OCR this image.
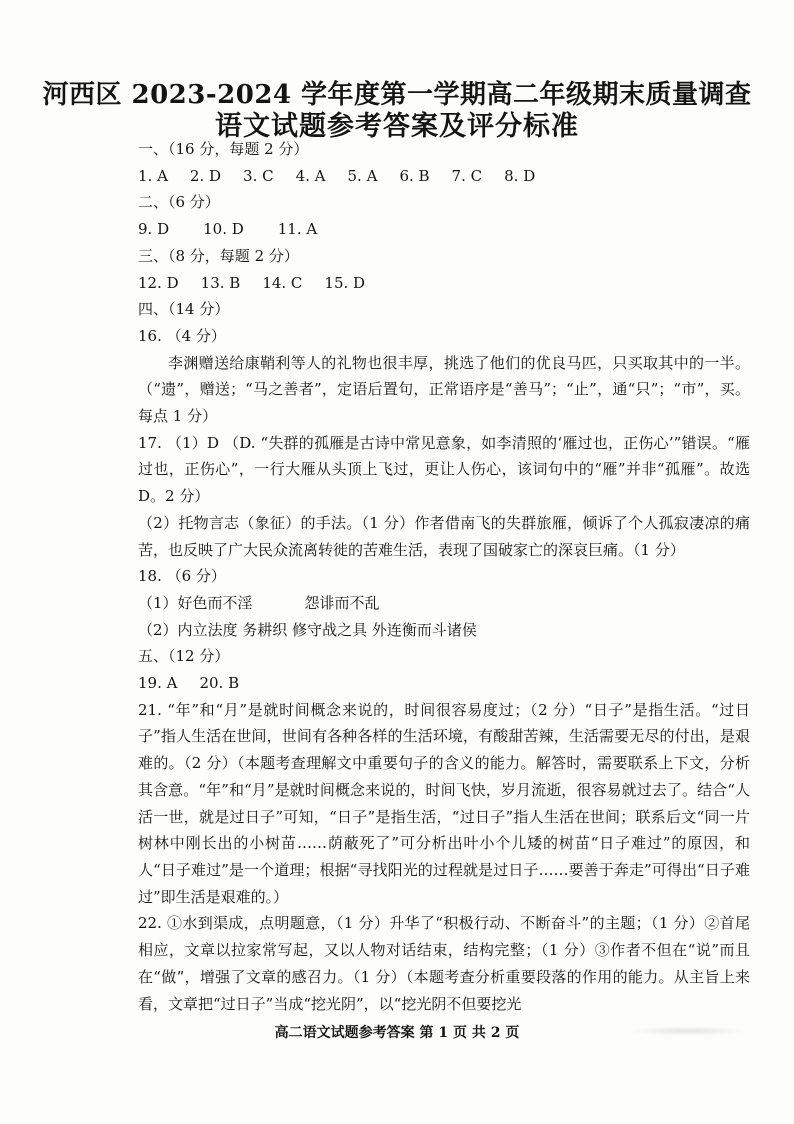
河西区 2023-2024 学年度第一学期高二年级期末质量调查
语文试题参考答案及评分标准
一、（16 分，每题 2 分）
1. A 2. D 3. C 4. A 5. A 6. B 7. C 8. D
二、（6 分）
9. D 10. D 11. A
三、（8 分，每题 2 分）
12. D 13. B 14. C 15. D
四、（14 分）
16. （4 分）
李渊赠送给康鞘利等人的礼物也很丰厚，挑选了他们的优良马匹，只买取其中的一半。（“遗”，赠送；“马之善者”，定语后置句，正常语序是“善马”；“止”，通“只”；“市”，买。每点 1 分）
17. （1）D （D. “失群的孤雁是古诗中常见意象，如李清照的‘雁过也，正伤心’”错误。“雁过也，正伤心”，一行大雁从头顶上飞过，更让人伤心，该词句中的“雁”并非“孤雁”。故选 D。2 分）
（2）托物言志（象征）的手法。（1 分）作者借南飞的失群旅雁，倾诉了个人孤寂凄凉的痛苦，也反映了广大民众流离转徙的苦难生活，表现了国破家亡的深哀巨痛。（1 分）
18. （6 分）
（1）好色而不淫	怨诽而不乱
（2）内立法度 务耕织 修守战之具 外连衡而斗诸侯
五、（12 分）
19. A 20. B
21. “年”和“月”是就时间概念来说的，时间很容易度过；（2 分）“日子”是指生活。“过日子”指人生活在世间，世间有各种各样的生活环境，有酸甜苦辣，生活需要无尽的付出，是艰难的。（2 分）（本题考查理解文中重要句子的含义的能力。解答时，需要联系上下文，分析其含意。“年”和“月”是就时间概念来说的，时间飞快，岁月流逝，很容易就过去了。结合“人活一世，就是过日子”可知，“日子”是指生活，“过日子”指人生活在世间；联系后文“同一片树林中刚长出的小树苗……荫蔽死了”可分析出叶小个儿矮的树苗“日子难过”的原因，和人“日子难过”是一个道理；根据“寻找阳光的过程就是过日子……要善于奔走”可得出“日子难过”即生活是艰难的。）
22. ①水到渠成，点明题意，（1 分）升华了“积极行动、不断奋斗”的主题；（1 分）②首尾相应，文章以拉家常写起，又以人物对话结束，结构完整；（1 分）③作者不但在“说”而且在“做”，增强了文章的感召力。（1 分）（本题考查分析重要段落的作用的能力。从主旨上来看，文章把“过日子”当成“挖光阴”，以“挖光阴不但要挖光
高二语文试题参考答案 第 1 页 共 2 页
